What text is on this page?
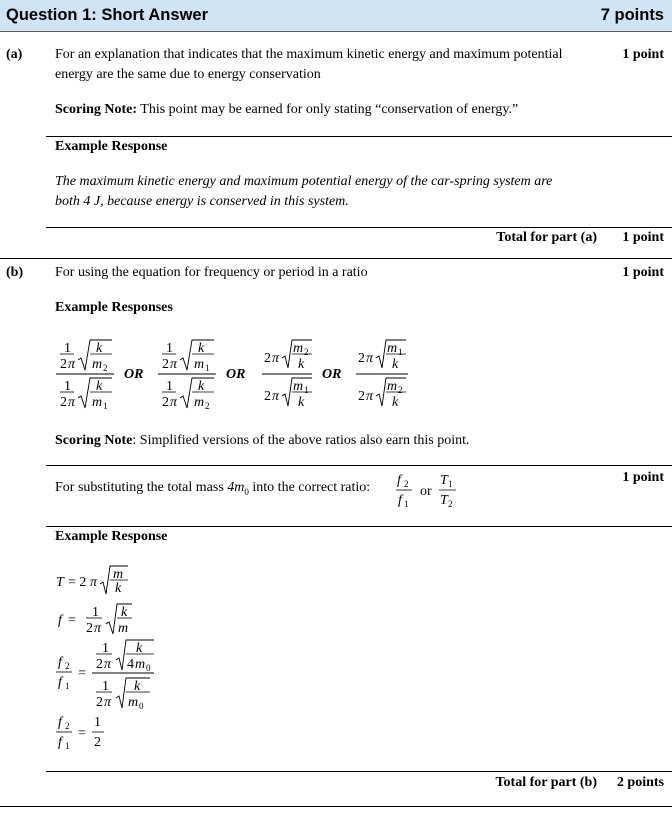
Question 1: Short Answer	7 points
(a) For an explanation that indicates that the maximum kinetic energy and maximum potential
energy are the same due to energy conservation
1 point
Scoring Note: This point may be earned for only stating “conservation of energy.”
Example Response
The maximum kinetic energy and maximum potential energy of the car-spring system are
both 4 J, because energy is conserved in this system.
Total for part (a) 1 point
(b) For using the equation for frequency or period in a ratio	1 point
Example Responses
1
2 π
k
m 2
1
2 π
k
m 1
OR
1
2 π
k
m 1
1
2 π
k
m 2
OR
2 π
m 2
k
2 π
m 1
k
OR
2 π
m 1
k
2 π
m 2
k
Scoring Note: Simplified versions of the above ratios also earn this point.
For substituting the total mass $4m_0$ into the correct ratio: f 2
f 1
or
T 1
T 2
1 point
Example Response
T = 2 π
m
k
f =
1
2 π
k
m
f 2
f 1
=
1
2 π
k
4 m 0
1
2 π
k
m 0
f 2
f 1
=
1
2
Total for part (b) 2 points
